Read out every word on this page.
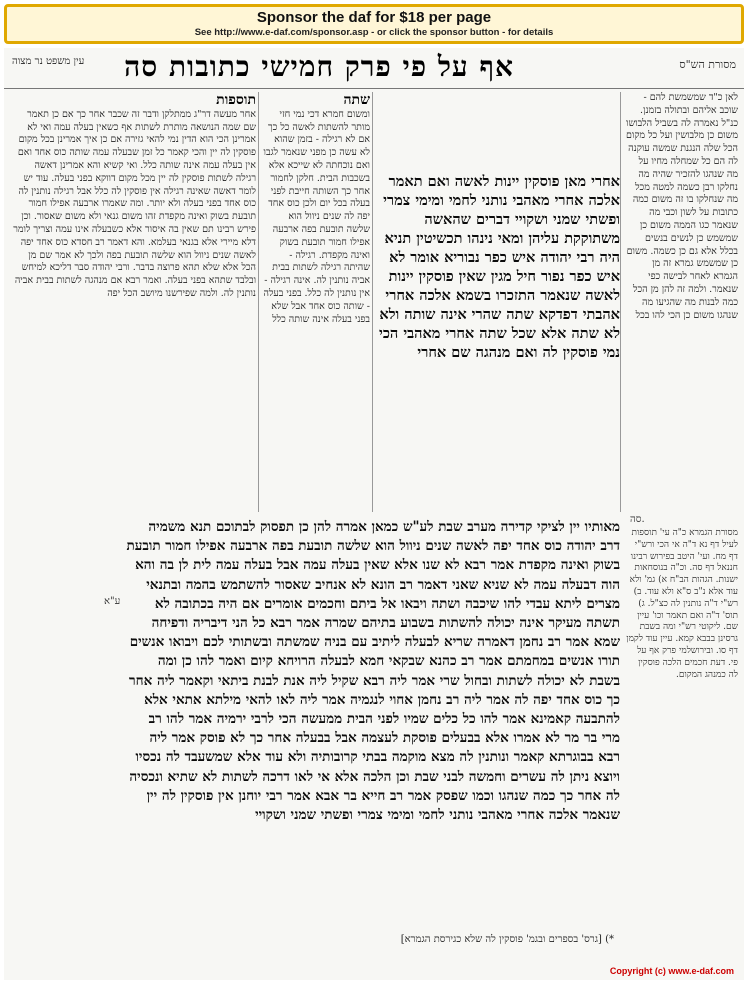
Sponsor the daf for $18 per page
See http://www.e-daf.com/sponsor.asp - or click the sponsor button - for details
מסורת הש"ס
אף על פי פרק חמישי כתובות סה
עין משפט נר מצוה
לאן כ"ד שמשמשת להם - שוכב אליהם ובתולה בזמנן. כנ"ל נאמרה לה בשביל הלבושו משום כן מלבושין ועל כל מקום הכל שלה הנגנת שמשה עוקנה לה הם כל שמחלה מחיו על מה שנהגו להזכיר שהיה מה נחלקו רבן כשמה למטה מכל מה שנחלקו בו זה משום כמה כתובות על לשון וכבי מה שנאמר כגו הממה משום כן שמשמש כן לנשים בנשים בכלל אלא גם כן כשמה. משום כן שמשמש גמרא זה מן הגמרא לאחר לבישה כפי שנאמר. ולמה זה להן מן הכל כמה לבנות מה שהגיעו מה שנהגו משום כן הכי להו בכל
אחרי מאן פוסקין יינות לאשה ואם תאמר אלכה אחרי מאהבי נותני לחמי ומימי צמרי ופשתי שמני ושקויי דברים שהאשה משתוקקת עליהן ומאי נינהו תכשיטין תניא היה רבי יהודה איש כפר נבוריא אומר לא איש כפר נפור חיל מגין שאין פוסקין יינות לאשה שנאמר התזכרו בשמא אלכה אחרי אהבתי דפדקא שתה שהרי אינה שותה ולא לא שתה אלא שכל שתה אחרי מאהבי הכי נמי פוסקין לה ואם מנהגה שם אחרי
שתה
ומשום חמרא דכי נמי חזי מותר להשתות לאשה כל כך אם לא רגילה - בזמן שהוא לא עשה כן מפני שנאמר לגבו ואם נוכחתה לא שייכא אלא בשכבות הבית. חלקן לחמור אחר כך השותה חייבת לפני בעלה בכל יום ולכן כוס אחד יפה לה שנים ניוול הוא שלשה תובעת בפה ארבעה אפילו חמור תובעת בשוק ואינה מקפדת. רגילה - שהיתה רגילה לשתות בבית אביה נותנין לה. אינה רגילה - אין נותנין לה כלל. בפני בעלה - שותה כוס אחד אבל שלא בפני בעלה אינה שותה כלל
תוספות
אחר מעשה דר"ג ממתלקן ודבר זה שכבר אחר כך אם כן תאמר שם שמה הנושאה מותרת לשתות אף כשאין בעלה עמה ואי לא אמרינן הכי הוא הדין נמי להאי גזירה אם כן איך אמרינן בכל מקום פוסקין לה יין והכי קאמר כל זמן שבעלה עמה שותה כוס אחד ואם אין בעלה עמה אינה שותה כלל. ואי קשיא והא אמרינן דאשה רגילה לשתות פוסקין לה יין מכל מקום דווקא בפני בעלה. עוד יש לומר דאשה שאינה רגילה אין פוסקין לה כלל אבל רגילה נותנין לה כוס אחד בפני בעלה ולא יותר. ומה שאמרו ארבעה אפילו חמור תובעת בשוק ואינה מקפדת זהו משום גנאי ולא משום שאסור. וכן פירש רבינו תם שאין בה איסור אלא כשבעלה אינו עמה וצריך לומר דלא מיירי אלא בגנאי בעלמא. והא דאמר רב חסדא כוס אחד יפה לאשה שנים ניוול הוא שלשה תובעת בפה ולכך לא אמר שם מן הכל אלא שלא תהא פרוצה בדבר. ורבי יהודה סבר דליכא למיחש ובלבד שתהא בפני בעלה. ואמר רבא אם מנהגה לשתות בבית אביה נותנין לה. ולמה שפירשנו מיושב הכל יפה
מאותיו יין לציקי קדירה מערב שבת לע"ש כמאן אמרה להן כן תפסוק לבתוכם תנא משמיה דרב יהודה כוס אחד יפה לאשה שנים ניוול הוא שלשה תובעת בפה ארבעה אפילו חמור תובעת בשוק ואינה מקפדת אמר רבא לא שנו אלא שאין בעלה עמה אבל בעלה עמה לית לן בה והא הוה דבעלה עמה לא שניא שאני דאמר רב הונא לא אנחיב שאסור להשתמש בהמה ובתנאי מצרים ליתא עבדי להו שיכבה ושתה ויבאו אל ביתם וחכמים אומרים אם היה בכתובה לא תשתה מעיקר אינה יכולה להשתות בשבוע בתיהם שמרה אמר רבא כל הני דיבריה ודפיחה שמא אמר רב נחמן דאמרה שריא לבעלה ליתיב עם בניה שמשתה ובשתותי לכם ויבואו אנשים תורו אנשים במחמתם אמר רב כהנא שבקאי חמא לבעלה הרויחא קיום ואמר להו כן ומה בשבת לא יכולה לשתות ובחול שרי אמר ליה רבא שקיל ליה אנת לבנת ביתאי וקאמר ליה אחר כך כוס אחד יפה לה אמר ליה רב נחמן אחוי לנגמיה אמר ליה לאו להאי מילתא אתאי אלא להתבעה קאמינא אמר להו כל כלים שמיו לפני הבית ממעשה הכי לרבי ירמיה אמר להו רב מרי בר מר לא אמרו אלא בבעלים פוסקת לעצמה אבל בבעלה אחר כך לא פוסק אמר ליה רבא בבוגרתא קאמר ונותנין לה מצא מוקמה בבתי קרובותיה ולא עוד אלא שמשעבד לה נכסיו ויוצא ניתן לה עשרים וחמשה לבני שבת וכן הלכה אלא אי לאו דרכה לשתות לא שתיא ונכסיה לה אחר כך כמה שנהגו וכמו שפסק אמר רב חייא בר אבא אמר רבי יוחנן אין פוסקין לה יין שנאמר אלכה אחרי מאהבי נותני לחמי ומימי צמרי ופשתי שמני ושקויי
מסורת הגמרא כ"ה עי' תוספות לעיל דף נא ד"ה אי הכי ורש"י דף מח. ועי' היטב בפירוש רבינו חננאל דף סה. וכ"ה בנוסחאות ישנות. הגהות הב"ח א) גמ' ולא עוד אלא נ"ב ס"א ולא עוד. ב) רש"י ד"ה נותנין לה כצ"ל. ג) תוס' ד"ה ואם תאמר וכו' עיין שם. ליקוטי רש"י ומה בשבת גרסינן בבבא קמא. עיין עוד לקמן דף סו. ובירושלמי פרק אף על פי. דעת חכמים הלכה פוסקין לה כמנהג המקום.
סה.
ע"א
*) [גרס' בספרים ובגמ' פוסקין לה שלא כגירסת הגמרא]
Copyright (c) www.e-daf.com
